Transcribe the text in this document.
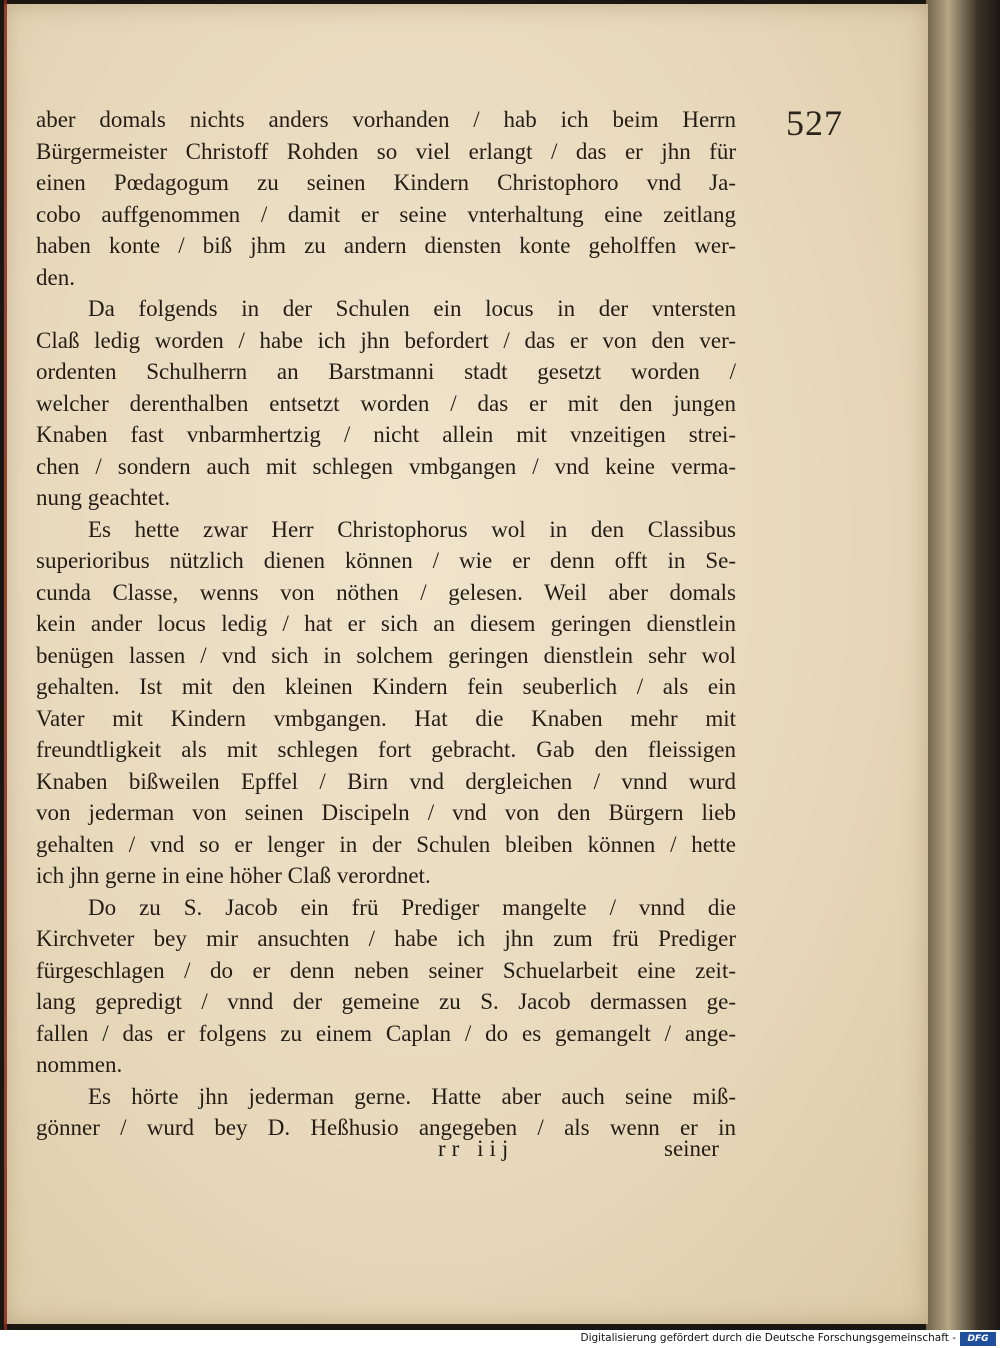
527
aber domals nichts anders vorhanden / hab ich beim Herrn
Bürgermeister Christoff Rohden so viel erlangt / das er jhn für
einen Pœdagogum zu seinen Kindern Christophoro vnd Ja-
cobo auffgenommen / damit er seine vnterhaltung eine zeitlang
haben konte / biß jhm zu andern diensten konte geholffen wer-
den.
Da folgends in der Schulen ein locus in der vntersten
Claß ledig worden / habe ich jhn befordert / das er von den ver-
ordenten Schulherrn an Barstmanni stadt gesetzt worden /
welcher derenthalben entsetzt worden / das er mit den jungen
Knaben fast vnbarmhertzig / nicht allein mit vnzeitigen strei-
chen / sondern auch mit schlegen vmbgangen / vnd keine verma-
nung geachtet.
Es hette zwar Herr Christophorus wol in den Classibus
superioribus nützlich dienen können / wie er denn offt in Se-
cunda Classe, wenns von nöthen / gelesen. Weil aber domals
kein ander locus ledig / hat er sich an diesem geringen dienstlein
benügen lassen / vnd sich in solchem geringen dienstlein sehr wol
gehalten. Ist mit den kleinen Kindern fein seuberlich / als ein
Vater mit Kindern vmbgangen. Hat die Knaben mehr mit
freundtligkeit als mit schlegen fort gebracht. Gab den fleissigen
Knaben bißweilen Epffel / Birn vnd dergleichen / vnnd wurd
von jederman von seinen Discipeln / vnd von den Bürgern lieb
gehalten / vnd so er lenger in der Schulen bleiben können / hette
ich jhn gerne in eine höher Claß verordnet.
Do zu S. Jacob ein frü Prediger mangelte / vnnd die
Kirchveter bey mir ansuchten / habe ich jhn zum frü Prediger
fürgeschlagen / do er denn neben seiner Schuelarbeit eine zeit-
lang gepredigt / vnnd der gemeine zu S. Jacob dermassen ge-
fallen / das er folgens zu einem Caplan / do es gemangelt / ange-
nommen.
Es hörte jhn jederman gerne. Hatte aber auch seine miß-
gönner / wurd bey D. Heßhusio angegeben / als wenn er in
rr iij	seiner
Digitalisierung gefördert durch die Deutsche Forschungsgemeinschaft -	DFG
